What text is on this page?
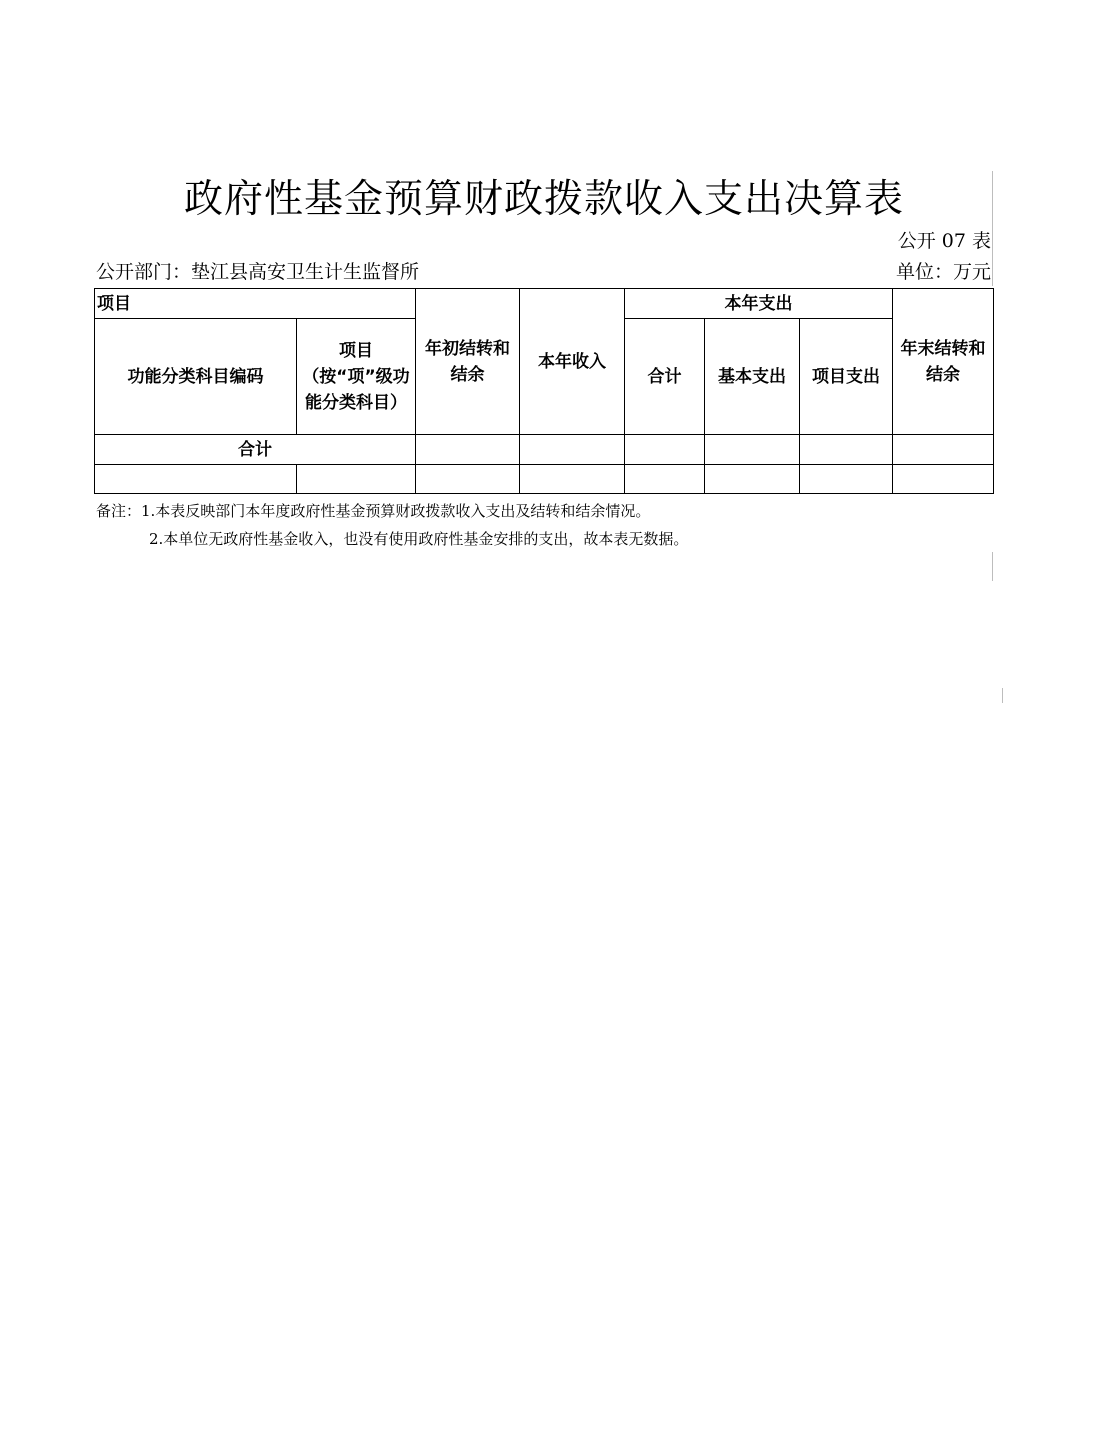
政府性基金预算财政拨款收入支出决算表
公开 07 表
公开部门：垫江县高安卫生计生监督所	单位：万元
项目		年初结转和结余	本年收入	本年支出			年末结转和结余
功能分类科目编码	项目（按“项”级功能分类科目）			合计	基本支出	项目支出	
合计							

备注：1.本表反映部门本年度政府性基金预算财政拨款收入支出及结转和结余情况。
2.本单位无政府性基金收入，也没有使用政府性基金安排的支出，故本表无数据。
